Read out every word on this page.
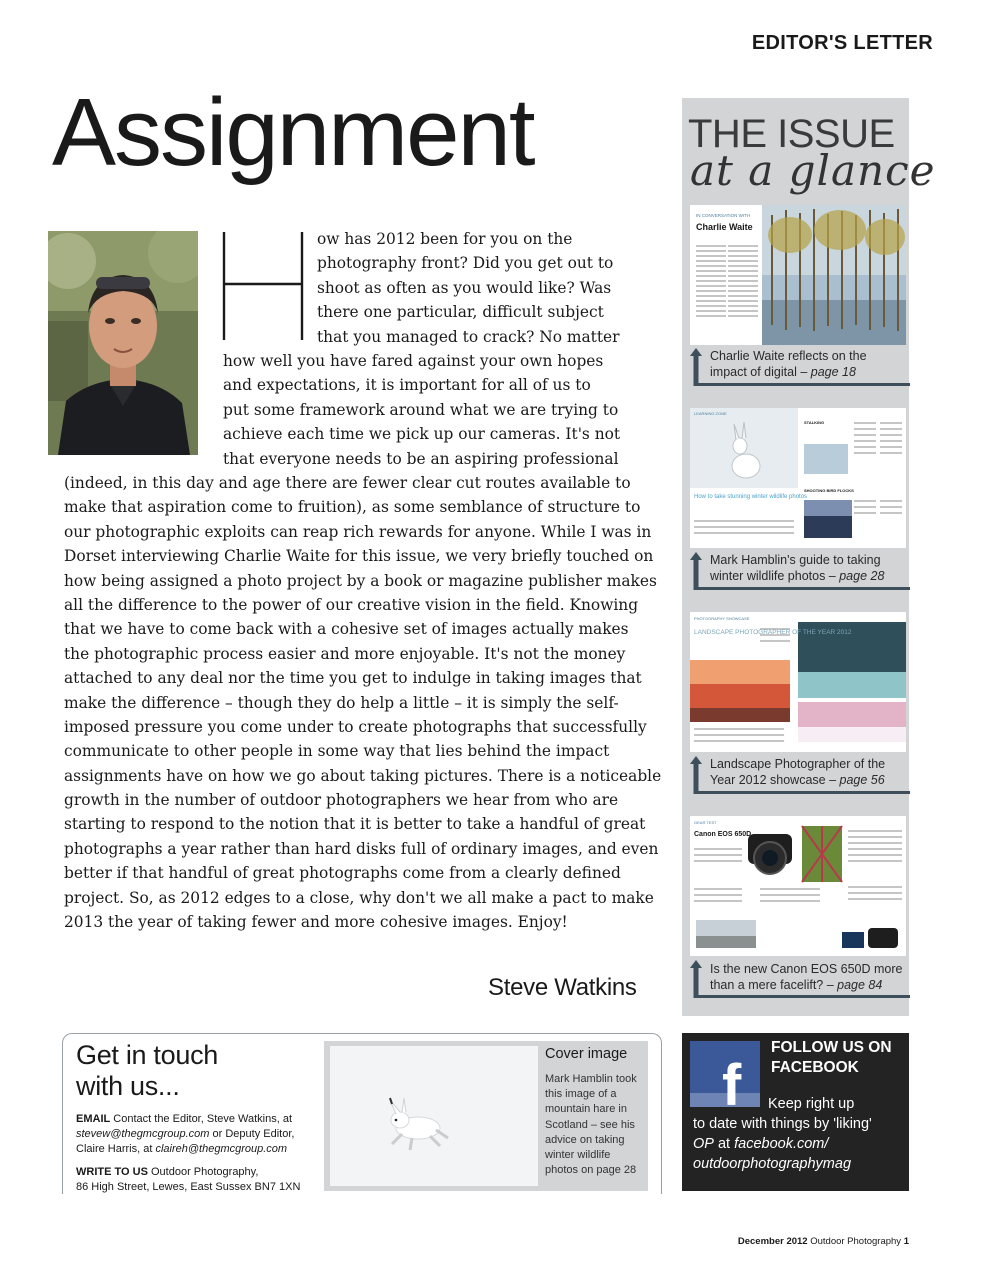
EDITOR'S LETTER
Assignment
ow has 2012 been for you on the
photography front? Did you get out to
shoot as often as you would like? Was
there one particular, difficult subject
that you managed to crack? No matter
how well you have fared against your own hopes
and expectations, it is important for all of us to
put some framework around what we are trying to
achieve each time we pick up our cameras. It's not
that everyone needs to be an aspiring professional
(indeed, in this day and age there are fewer clear cut routes available to
make that aspiration come to fruition), as some semblance of structure to
our photographic exploits can reap rich rewards for anyone. While I was in
Dorset interviewing Charlie Waite for this issue, we very briefly touched on
how being assigned a photo project by a book or magazine publisher makes
all the difference to the power of our creative vision in the field. Knowing
that we have to come back with a cohesive set of images actually makes
the photographic process easier and more enjoyable. It's not the money
attached to any deal nor the time you get to indulge in taking images that
make the difference – though they do help a little – it is simply the self-
imposed pressure you come under to create photographs that successfully
communicate to other people in some way that lies behind the impact
assignments have on how we go about taking pictures. There is a noticeable
growth in the number of outdoor photographers we hear from who are
starting to respond to the notion that it is better to take a handful of great
photographs a year rather than hard disks full of ordinary images, and even
better if that handful of great photographs come from a clearly defined
project. So, as 2012 edges to a close, why don't we all make a pact to make
2013 the year of taking fewer and more cohesive images. Enjoy!
Steve Watkins
THE ISSUE
at a glance
IN CONVERSATION WITH
Charlie Waite
Charlie Waite reflects on the impact of digital – page 18
LEARNING ZONE
How to take stunning winter wildlife photos
STALKING
SHOOTING BIRD FLOCKS
Mark Hamblin's guide to taking winter wildlife photos – page 28
PHOTOGRAPHY SHOWCASE
LANDSCAPE PHOTOGRAPHER OF THE YEAR 2012
Landscape Photographer of the Year 2012 showcase – page 56
GEAR TEST
Canon EOS 650D
Is the new Canon EOS 650D more than a mere facelift? – page 84
Get in touch
with us...
EMAIL Contact the Editor, Steve Watkins, at
stevew@thegmcgroup.com or Deputy Editor,
Claire Harris, at claireh@thegmcgroup.com
WRITE TO US Outdoor Photography,
86 High Street, Lewes, East Sussex BN7 1XN
Cover image
Mark Hamblin took this image of a mountain hare in Scotland – see his advice on taking winter wildlife photos on page 28
f
FOLLOW US ON
FACEBOOK
Keep right up
to date with things by 'liking'
OP at facebook.com/
outdoorphotographymag
December 2012 Outdoor Photography 1
